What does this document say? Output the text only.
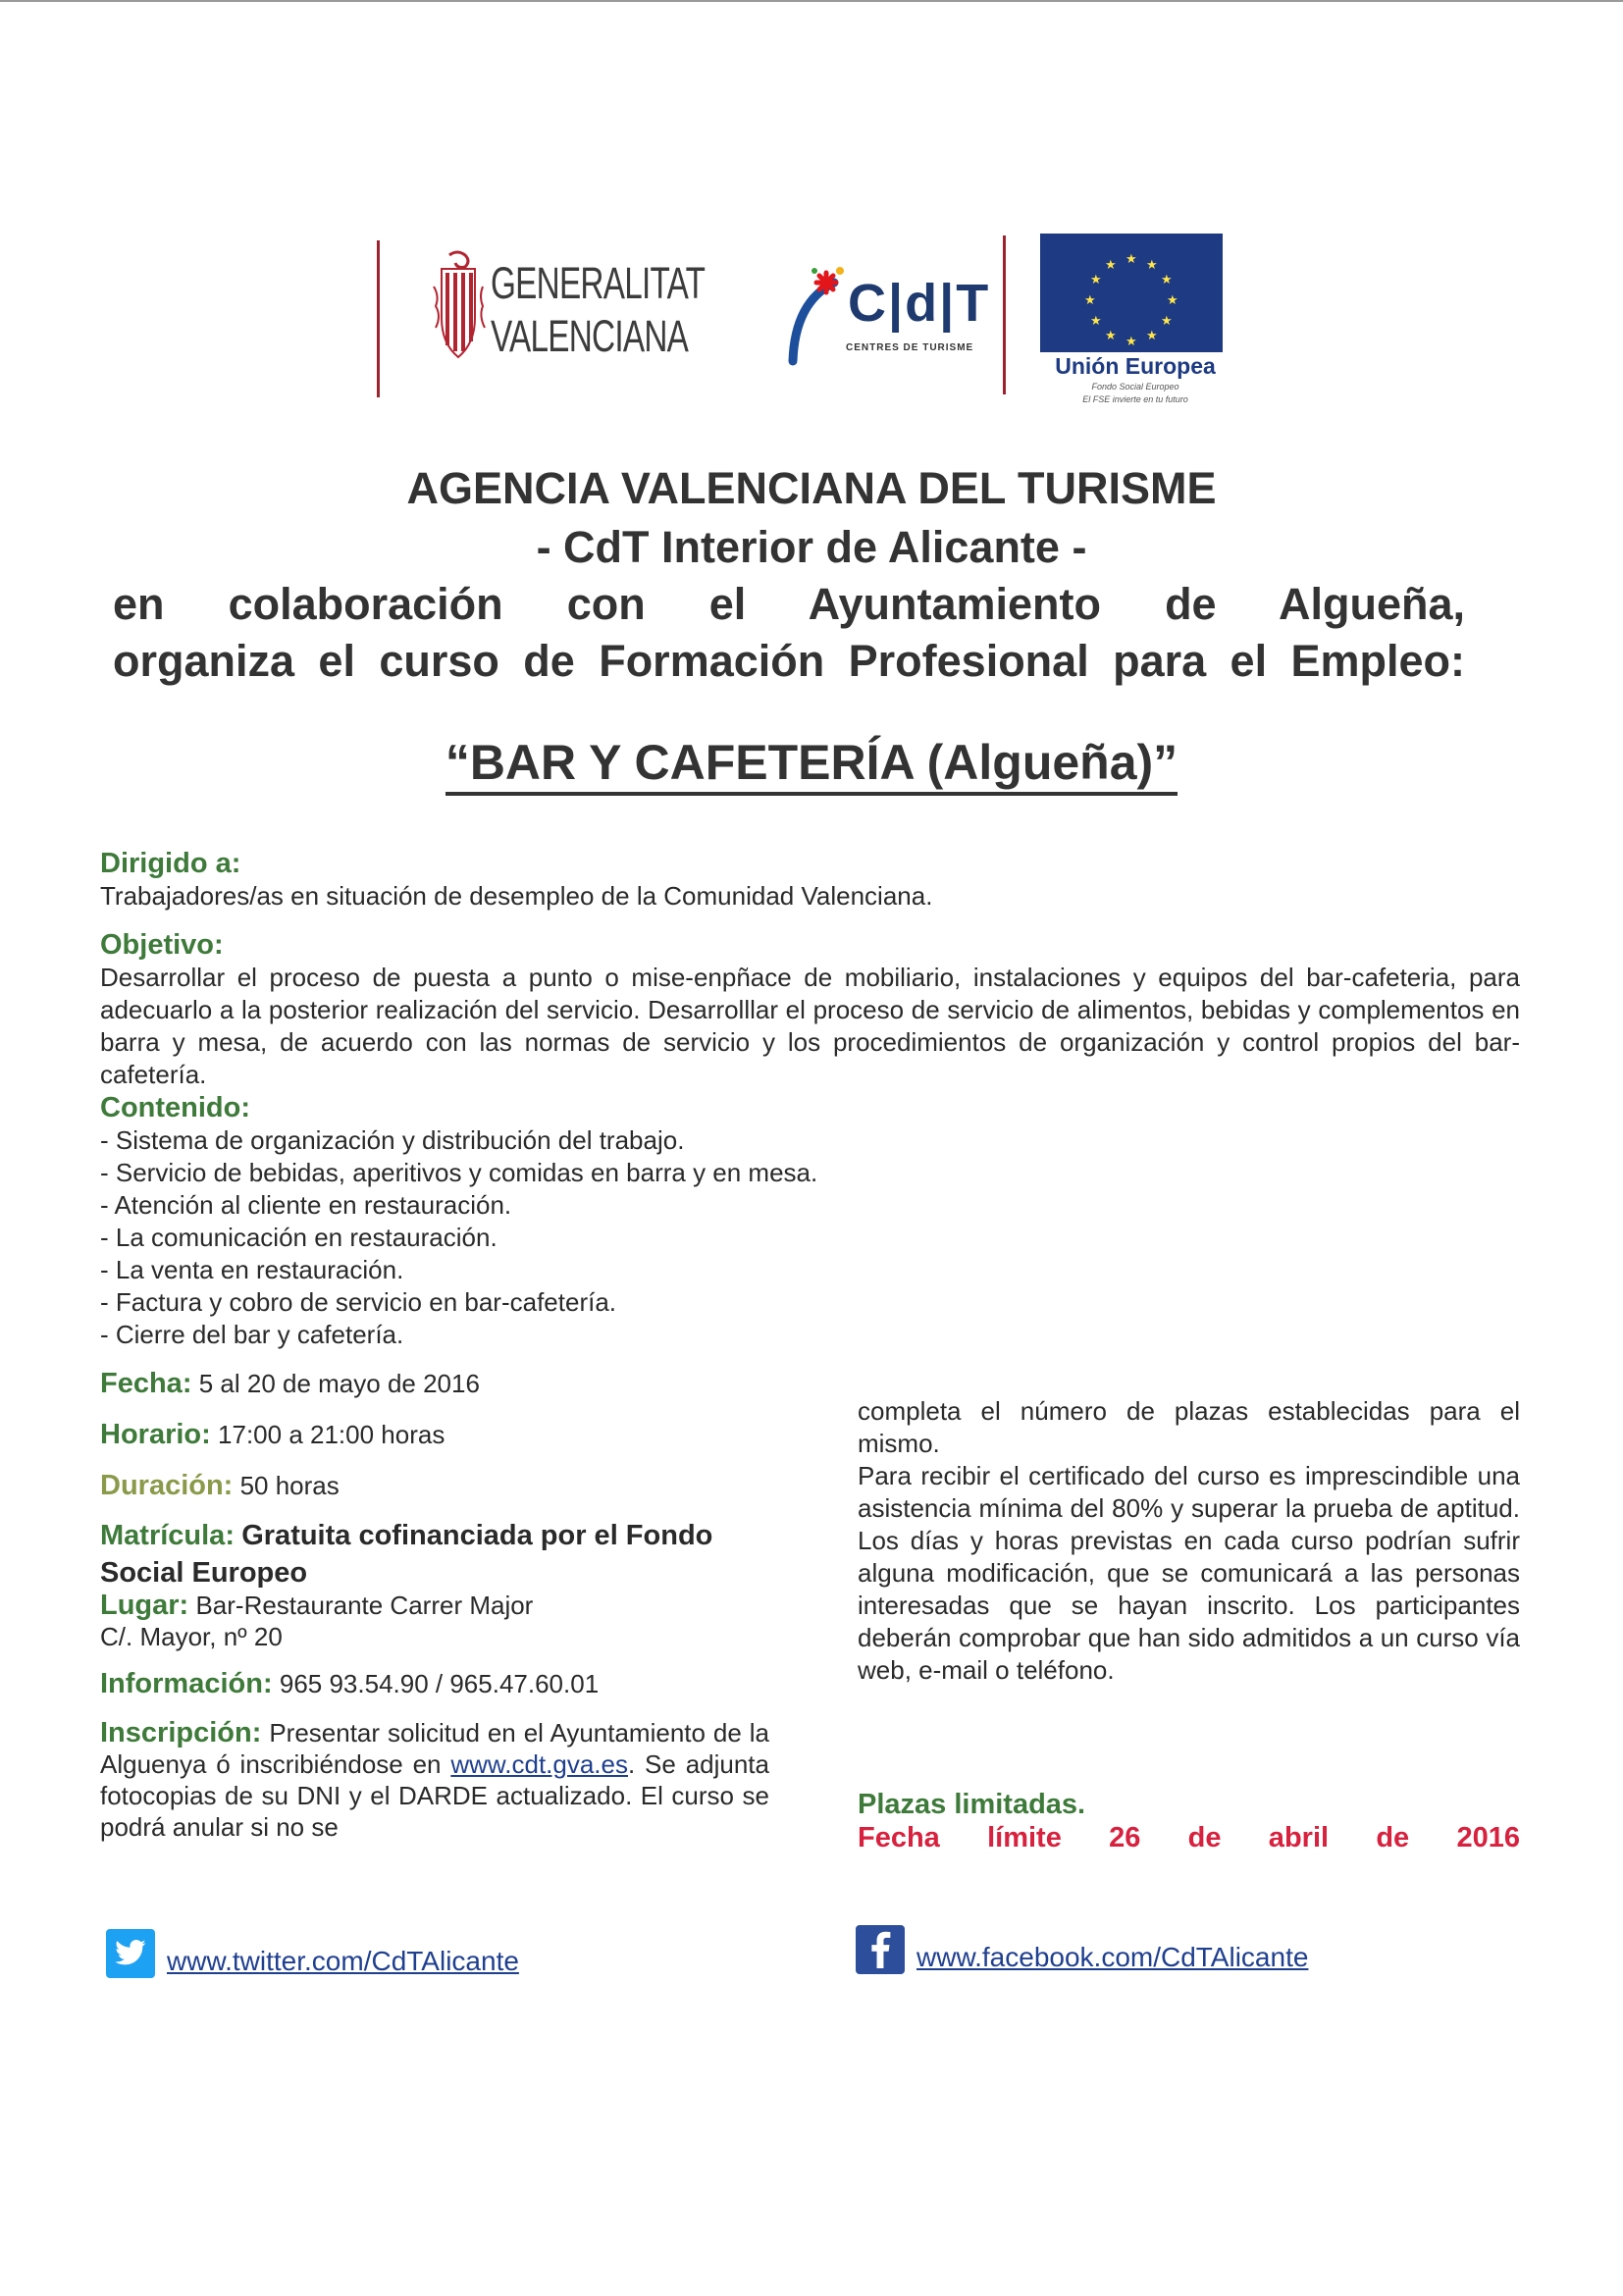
GENERALITAT
VALENCIANA
C|d|T
CENTRES DE TURISME
★ ★
★
★
★
★
★
★
★
★
★
★
Unión Europea
Fondo Social Europeo
El FSE invierte en tu futuro
AGENCIA VALENCIANA DEL TURISME
- CdT Interior de Alicante -
en colaboración con el Ayuntamiento de Algueña,
organiza el curso de Formación Profesional para el Empleo:
“BAR Y CAFETERÍA (Algueña)”
Dirigido a:
Trabajadores/as en situación de desempleo de la Comunidad Valenciana.
Objetivo:
Desarrollar el proceso de puesta a punto o mise-enpñace de mobiliario, instalaciones y equipos del bar-cafeteria, para adecuarlo a la posterior realización del servicio. Desarrolllar el proceso de servicio de alimentos, bebidas y complementos en barra y mesa, de acuerdo con las normas de servicio y los procedimientos de organización y control propios del bar-cafetería.
Contenido:
- Sistema de organización y distribución del trabajo.
- Servicio de bebidas, aperitivos y comidas en barra y en mesa.
- Atención al cliente en restauración.
- La comunicación en restauración.
- La venta en restauración.
- Factura y cobro de servicio en bar-cafetería.
- Cierre del bar y cafetería.
Fecha: 5 al 20 de mayo de 2016
Horario: 17:00 a 21:00 horas
Duración: 50 horas
Matrícula: Gratuita cofinanciada por el Fondo Social Europeo
Lugar: Bar-Restaurante Carrer Major
C/. Mayor, nº 20
Información: 965 93.54.90 / 965.47.60.01
Inscripción: Presentar solicitud en el Ayuntamiento de la Alguenya ó inscribiéndose en www.cdt.gva.es. Se adjunta fotocopias de su DNI y el DARDE actualizado. El curso se podrá anular si no se
completa el número de plazas establecidas para el mismo.
Para recibir el certificado del curso es imprescindible una asistencia mínima del 80% y superar la prueba de aptitud. Los días y horas previstas en cada curso podrían sufrir alguna modificación, que se comunicará a las personas interesadas que se hayan inscrito. Los participantes deberán comprobar que han sido admitidos a un curso vía web, e-mail o teléfono.
Plazas limitadas.
Fecha límite 26 de abril de 2016
www.twitter.com/CdTAlicante	www.facebook.com/CdTAlicante
